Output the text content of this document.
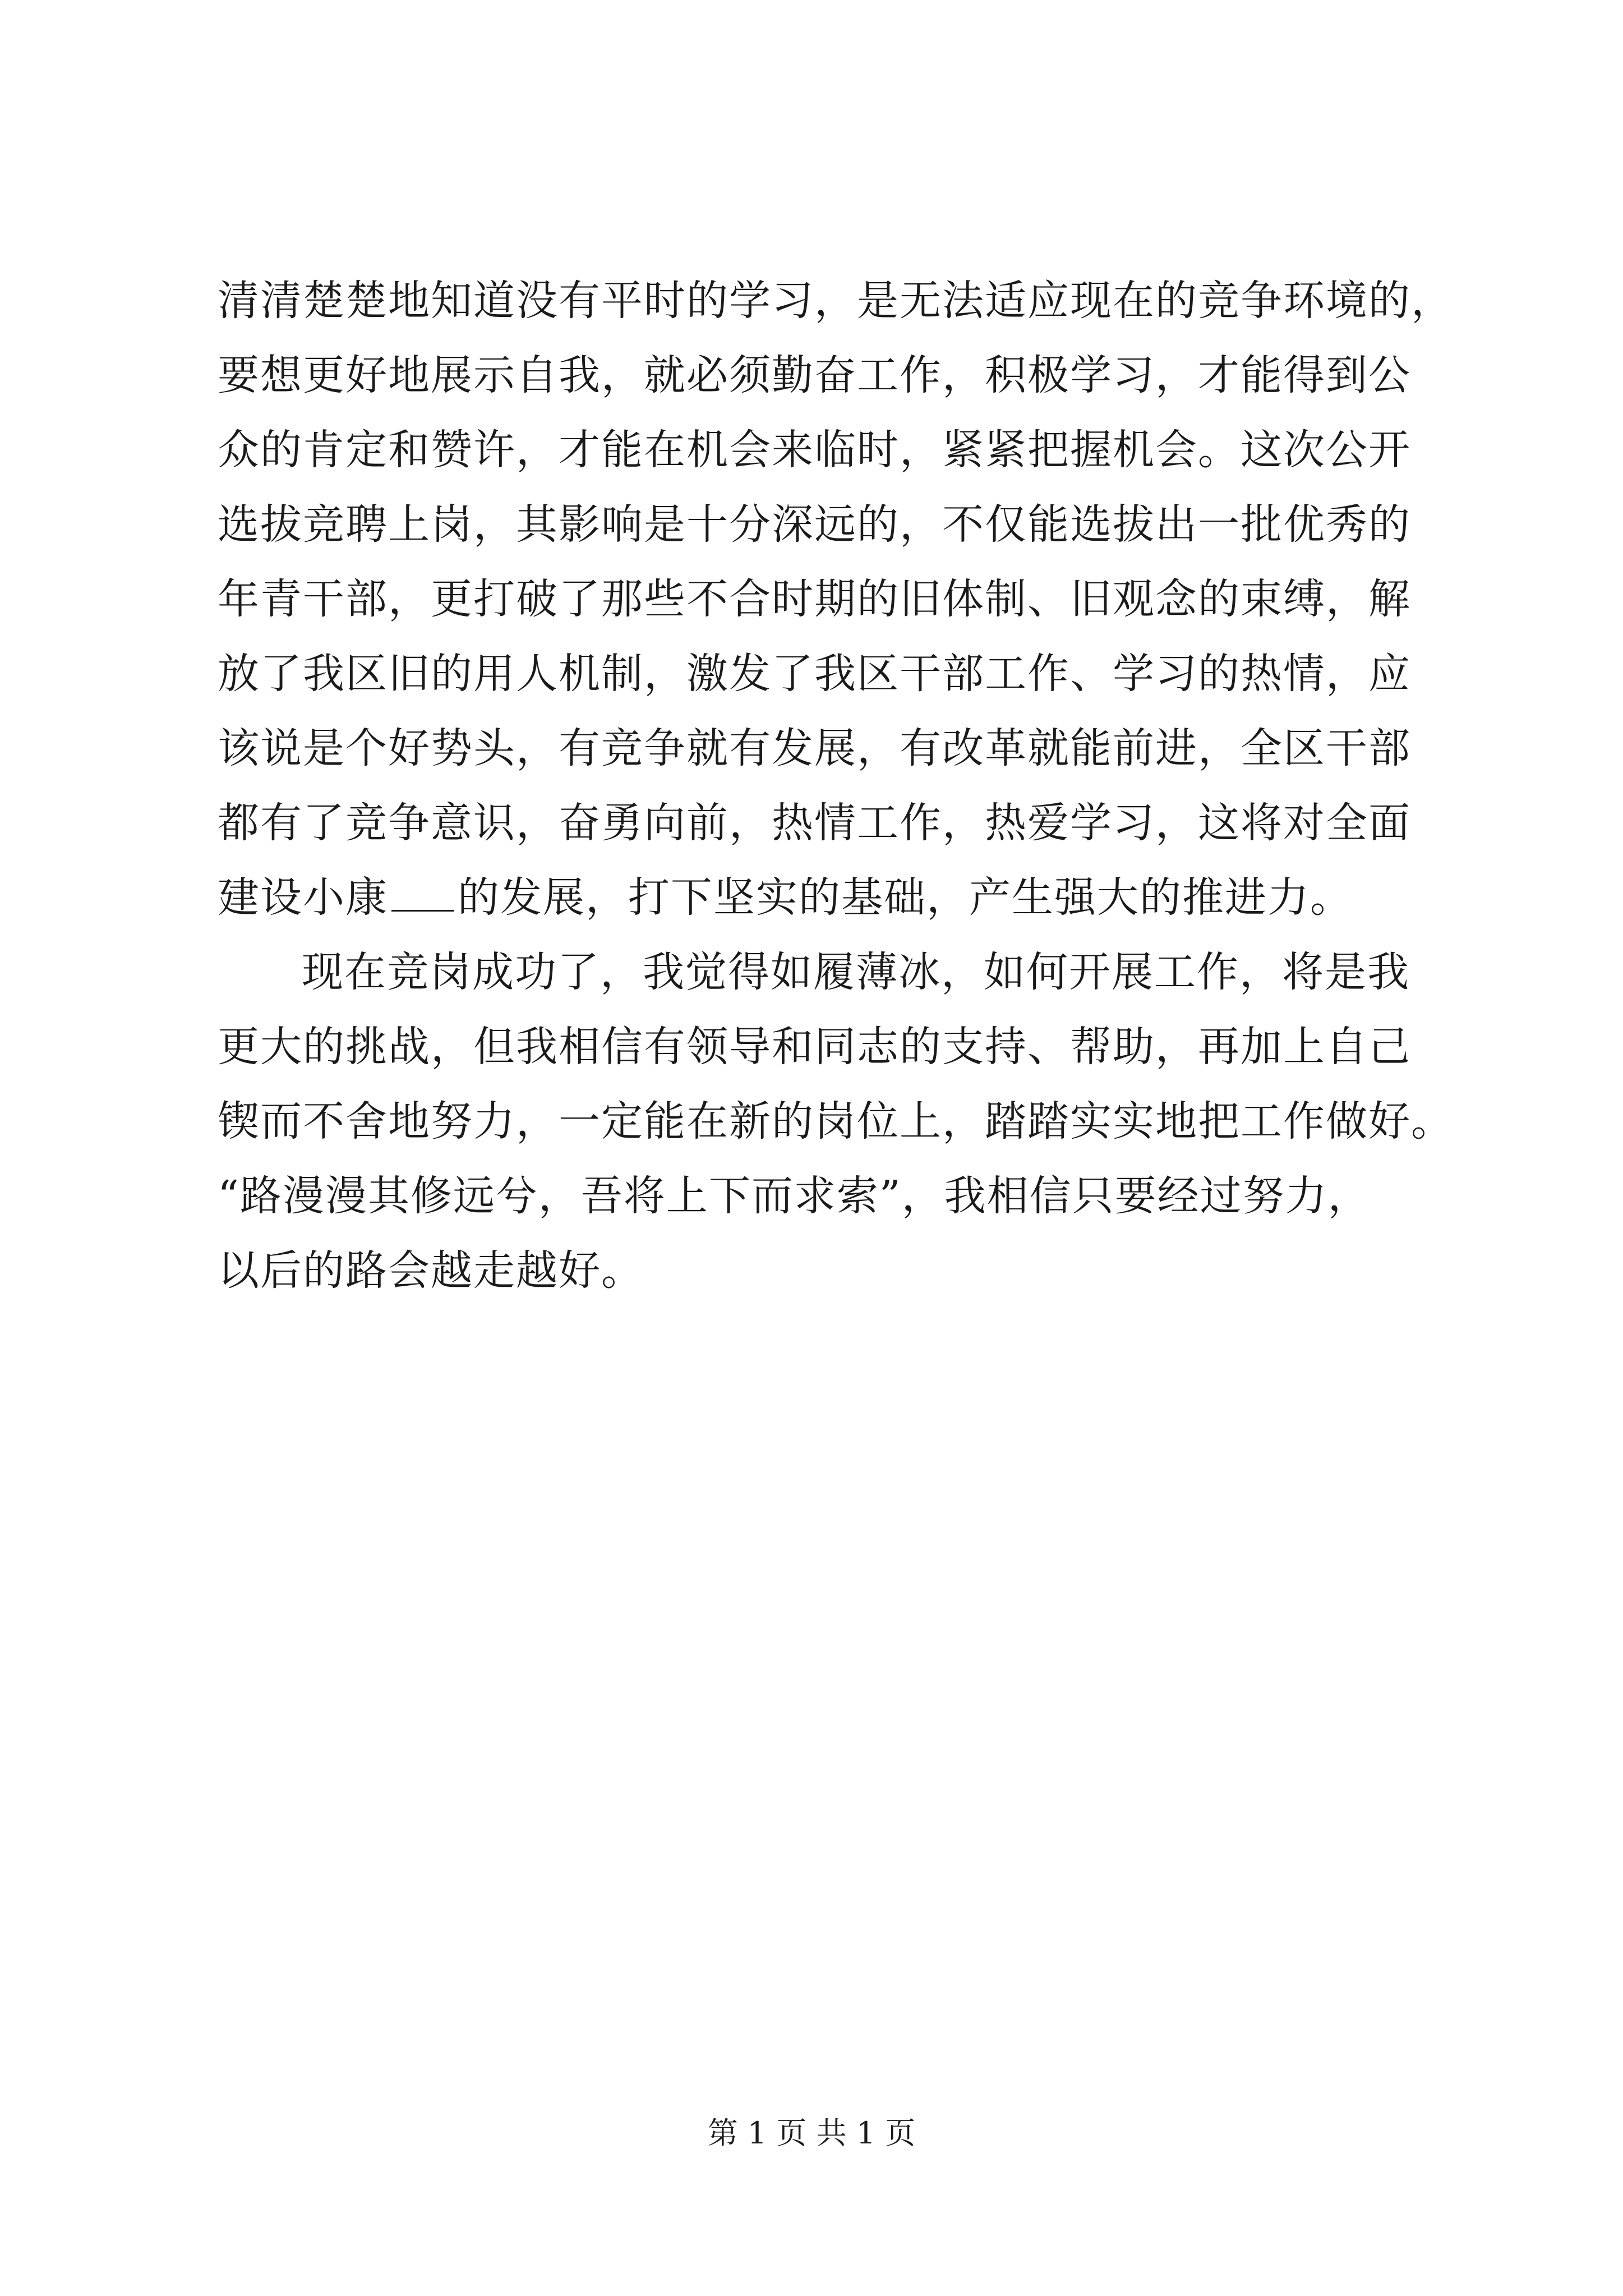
清清楚楚地知道没有平时的学习，是无法适应现在的竞争环境的，
要想更好地展示自我，就必须勤奋工作，积极学习，才能得到公
众的肯定和赞许，才能在机会来临时，紧紧把握机会。这次公开
选拔竞聘上岗，其影响是十分深远的，不仅能选拔出一批优秀的
年青干部，更打破了那些不合时期的旧体制、旧观念的束缚，解
放了我区旧的用人机制，激发了我区干部工作、学习的热情，应
该说是个好势头，有竞争就有发展，有改革就能前进，全区干部
都有了竞争意识，奋勇向前，热情工作，热爱学习，这将对全面
建设小康 的发展，打下坚实的基础，产生强大的推进力。
现在竞岗成功了，我觉得如履薄冰，如何开展工作，将是我
更大的挑战，但我相信有领导和同志的支持、帮助，再加上自己
锲而不舍地努力，一定能在新的岗位上，踏踏实实地把工作做好。
“路漫漫其修远兮，吾将上下而求索”，我相信只要经过努力，
以后的路会越走越好。
第 1 页 共 1 页
